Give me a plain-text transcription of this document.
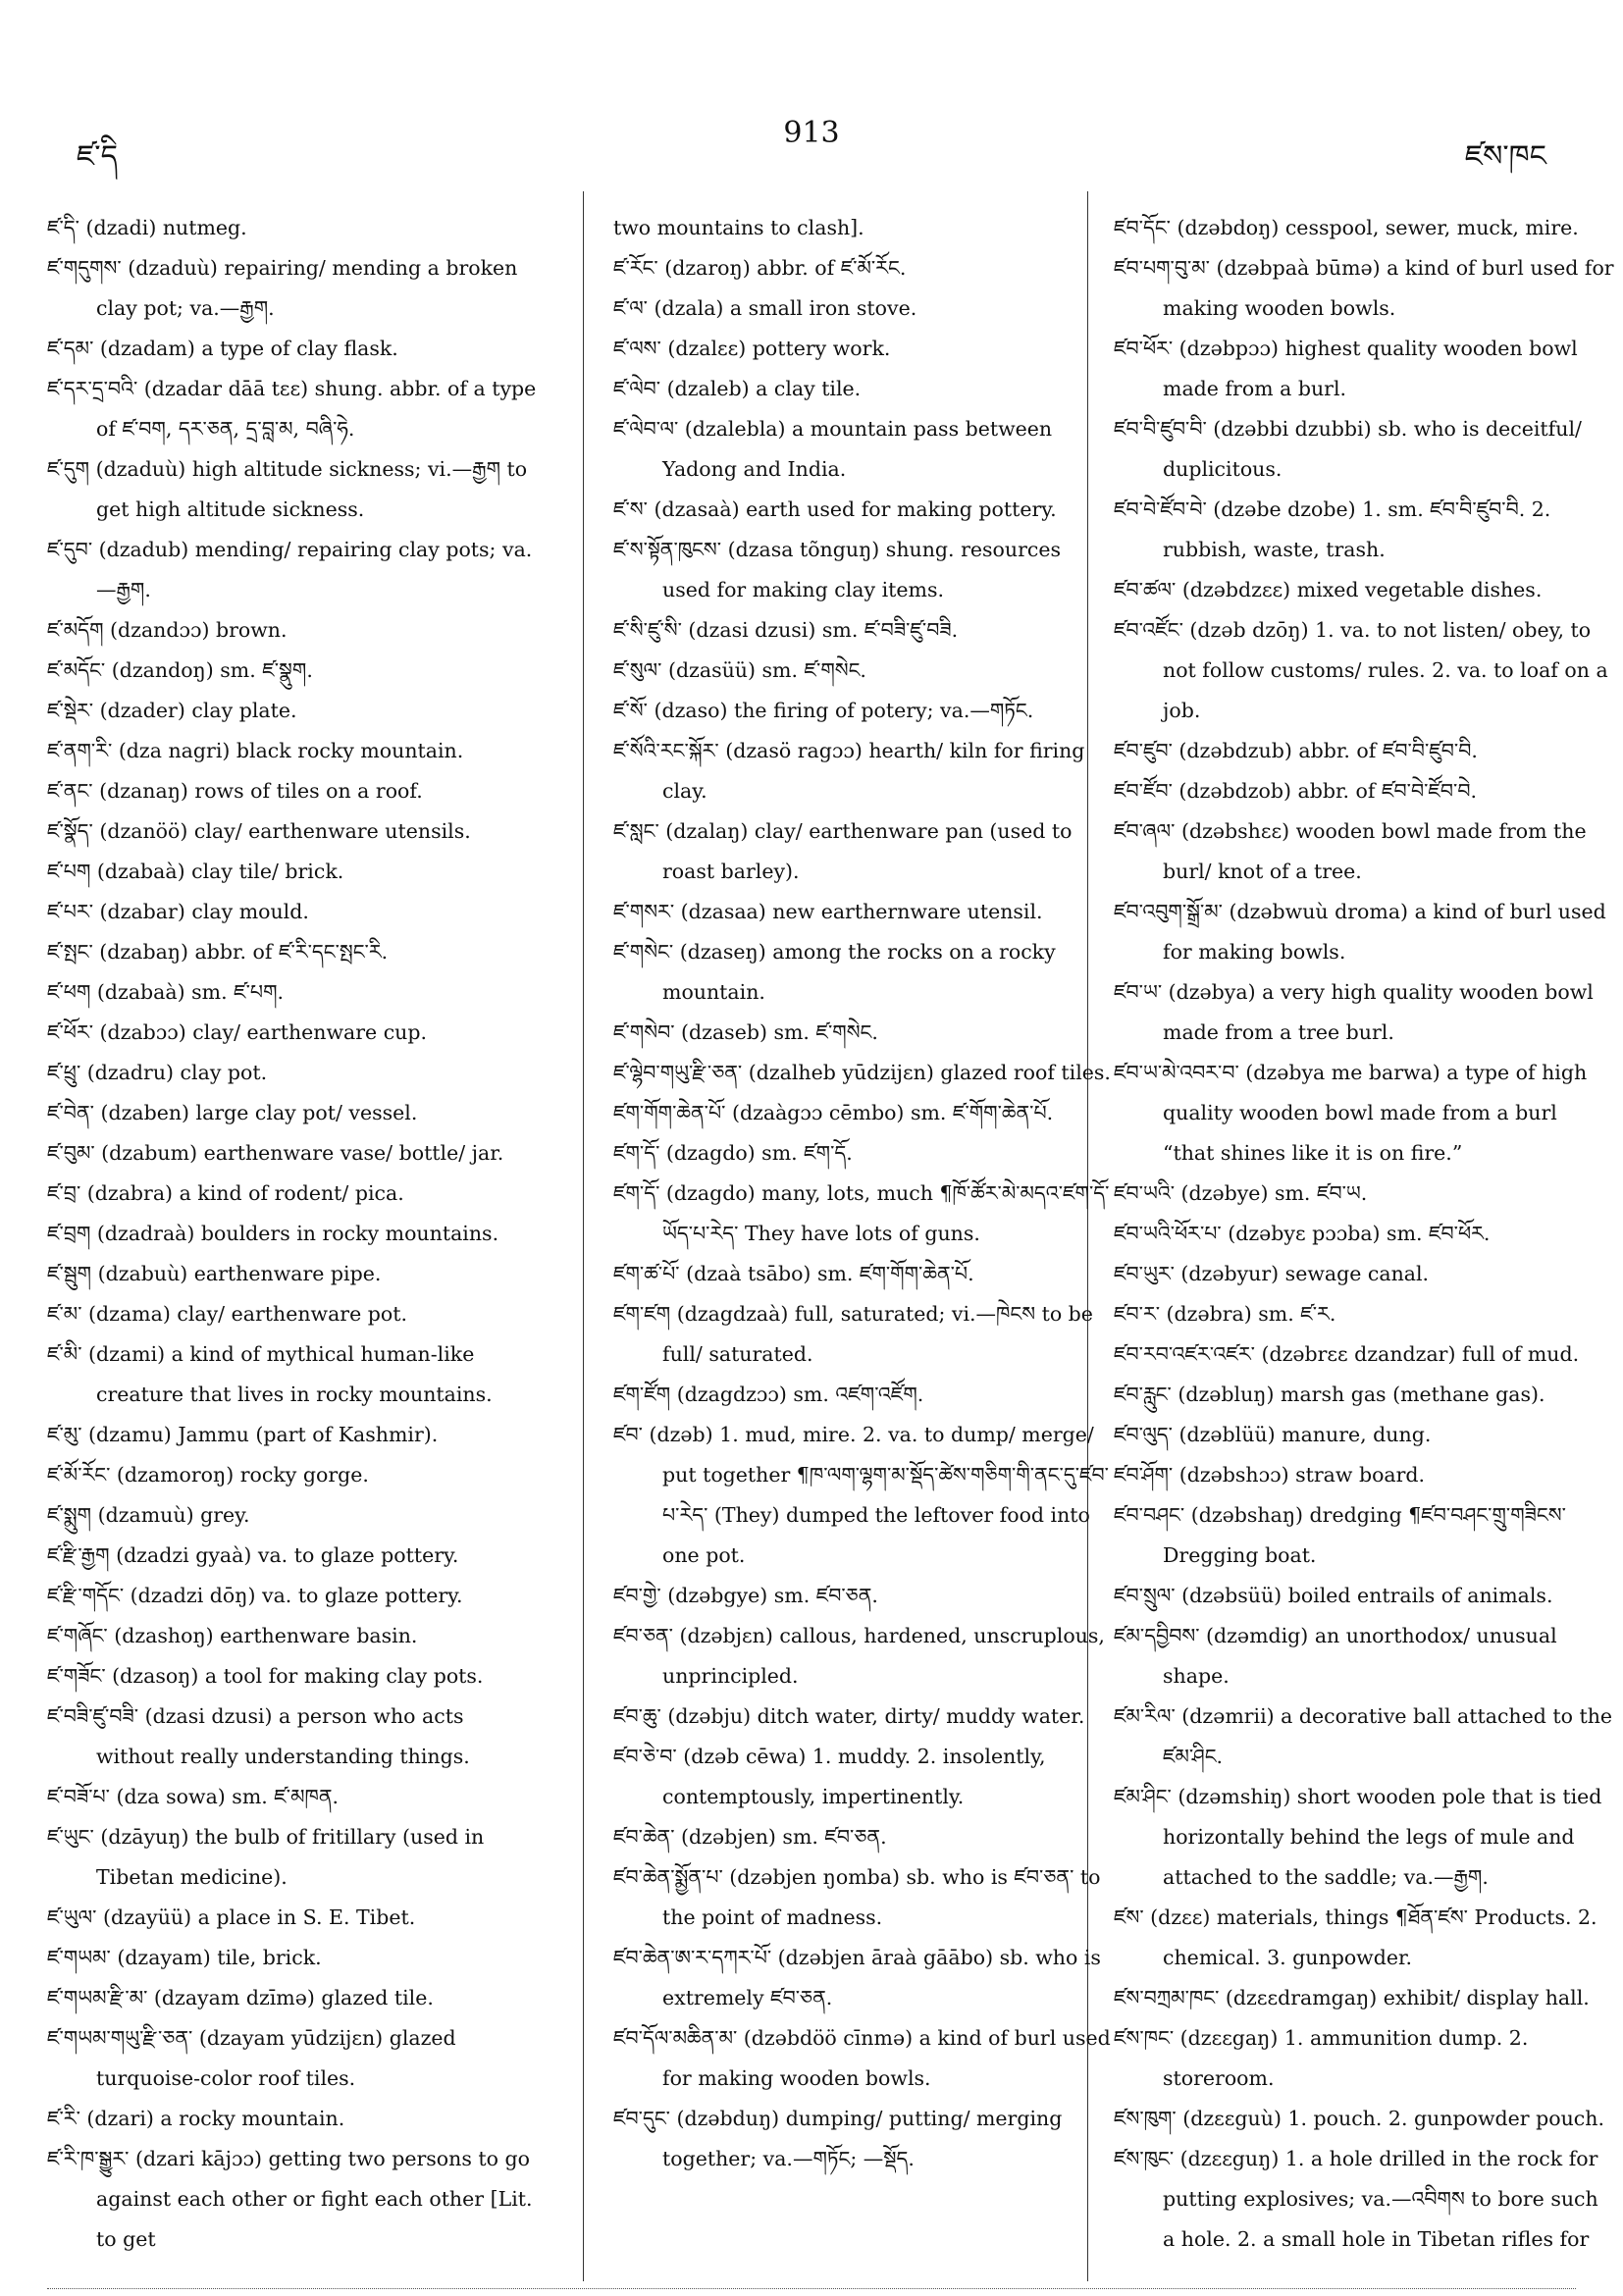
ཛ་དི
913
ཛས་ཁང

ཛ་དི་ (dzadi) nutmeg.

ཛ་གདུགས་ (dzaduù) repairing/ mending a broken clay pot; va.—རྒྱག.

ཛ་དམ་ (dzadam) a type of clay flask.

ཛ་དར་དྲ་བའི་ (dzadar dāā tεε) shung. abbr. of a type of ཛ་བག, དར་ཅན, དྲ་བླ་མ, བཞི་ཧེ.

ཛ་དུག (dzaduù) high altitude sickness; vi.—རྒྱག to get high altitude sickness.

ཛ་དུབ་ (dzadub) mending/ repairing clay pots; va.—རྒྱག.

ཛ་མདོག (dzandɔɔ) brown.

ཛ་མདོང་ (dzandoŋ) sm. ཛ་སྣུག.

ཛ་སྡེར་ (dzader) clay plate.

ཛ་ནག་རི་ (dza nagri) black rocky mountain.

ཛ་ནང་ (dzanaŋ) rows of tiles on a roof.

ཛ་སྣོད་ (dzanöö) clay/ earthenware utensils.

ཛ་པག (dzabaà) clay tile/ brick.

ཛ་པར་ (dzabar) clay mould.

ཛ་སྤང་ (dzabaŋ) abbr. of ཛ་རི་དང་སྤང་རི.

ཛ་ཕག (dzabaà) sm. ཛ་པག.

ཛ་ཕོར་ (dzabɔɔ) clay/ earthenware cup.

ཛ་ཕྲུ་ (dzadru) clay pot.

ཛ་བེན་ (dzaben) large clay pot/ vessel.

ཛ་བུམ་ (dzabum) earthenware vase/ bottle/ jar.

ཛ་བྲ་ (dzabra) a kind of rodent/ pica.

ཛ་བྲག (dzadraà) boulders in rocky mountains.

ཛ་སྦུག (dzabuù) earthenware pipe.

ཛ་མ་ (dzama) clay/ earthenware pot.

ཛ་མི་ (dzami) a kind of mythical human-like creature that lives in rocky mountains.

ཛ་མུ་ (dzamu) Jammu (part of Kashmir).

ཛ་མོ་རོང་ (dzamoroŋ) rocky gorge.

ཛ་སྨུག (dzamuù) grey.

ཛ་རྫི་རྒྱག (dzadzi gyaà) va. to glaze pottery.

ཛ་རྫི་གདོང་ (dzadzi dōŋ) va. to glaze pottery.

ཛ་གཞོང་ (dzashoŋ) earthenware basin.

ཛ་གཟོང་ (dzasoŋ) a tool for making clay pots.

ཛ་བཟི་ཛུ་བཟི་ (dzasi dzusi) a person who acts without really understanding things.

ཛ་བཟོ་པ་ (dza sowa) sm. ཛ་མཁན.

ཛ་ཡུང་ (dzāyuŋ) the bulb of fritillary (used in Tibetan medicine).

ཛ་ཡུལ་ (dzayüü) a place in S. E. Tibet.

ཛ་གཡམ་ (dzayam) tile, brick.

ཛ་གཡམ་རྫི་མ་ (dzayam dzīmə) glazed tile.

ཛ་གཡམ་གཡུ་རྫི་ཅན་ (dzayam yūdzijεn) glazed turquoise-color roof tiles.

ཛ་རི་ (dzari) a rocky mountain.

ཛ་རི་ཁ་སྒྱུར་ (dzari kājɔɔ) getting two persons to go against each other or fight each other [Lit. to get

two mountains to clash].

ཛ་རོང་ (dzaroŋ) abbr. of ཛ་མོ་རོང.

ཛ་ལ་ (dzala) a small iron stove.

ཛ་ལས་ (dzalεε) pottery work.

ཛ་ལེབ་ (dzaleb) a clay tile.

ཛ་ལེབ་ལ་ (dzalebla) a mountain pass between Yadong and India.

ཛ་ས་ (dzasaà) earth used for making pottery.

ཛ་ས་སྟོན་ཁུངས་ (dzasa tõnguŋ) shung. resources used for making clay items.

ཛ་སི་ཛུ་སི་ (dzasi dzusi) sm. ཛ་བཟི་ཛུ་བཟི.

ཛ་སུལ་ (dzasüü) sm. ཛ་གསེང.

ཛ་སོ་ (dzaso) the firing of potery; va.—གཏོང.

ཛ་སོའི་རང་སྐོར་ (dzasö ragɔɔ) hearth/ kiln for firing clay.

ཛ་སླང་ (dzalaŋ) clay/ earthenware pan (used to roast barley).

ཛ་གསར་ (dzasaa) new earthernware utensil.

ཛ་གསེང་ (dzaseŋ) among the rocks on a rocky mountain.

ཛ་གསེབ་ (dzaseb) sm. ཛ་གསེང.

ཛ་ལྷེབ་གཡུ་རྫི་ཅན་ (dzalheb yūdzijεn) glazed roof tiles.

ཛག་གོག་ཆེན་པོ་ (dzaàgɔɔ cēmbo) sm. ཛ་གོག་ཆེན་པོ.

ཛག་དོ་ (dzagdo) sm. ཛག་དོ.

ཛག་དོ་ (dzagdo) many, lots, much ¶ཁོ་ཚོར་མེ་མདའ་ཛག་དོ་ཡོད་པ་རེད་ They have lots of guns.

ཛག་ཚ་པོ་ (dzaà tsābo) sm. ཛག་གོག་ཆེན་པོ.

ཛག་ཛག (dzagdzaà) full, saturated; vi.—ཁེངས to be full/ saturated.

ཛག་ཛོག (dzagdzɔɔ) sm. འཛག་འཛོག.

ཛབ་ (dzəb) 1. mud, mire. 2. va. to dump/ merge/ put together ¶ཁ་ལག་ལྷག་མ་སྡོད་ཚེས་གཅིག་གི་ནང་དུ་ཛབ་པ་རེད་ (They) dumped the leftover food into one pot.

ཛབ་གྱེ་ (dzəbgye) sm. ཛབ་ཅན.

ཛབ་ཅན་ (dzəbjεn) callous, hardened, unscruplous, unprincipled.

ཛབ་ཆུ་ (dzəbju) ditch water, dirty/ muddy water.

ཛབ་ཅེ་བ་ (dzəb cēwa) 1. muddy. 2. insolently, contemptously, impertinently.

ཛབ་ཆེན་ (dzəbjen) sm. ཛབ་ཅན.

ཛབ་ཆེན་སྨྱོན་པ་ (dzəbjen ŋomba) sb. who is ཛབ་ཅན་ to the point of madness.

ཛབ་ཆེན་ཨ་ར་དཀར་པོ་ (dzəbjen āraà gāābo) sb. who is extremely ཛབ་ཅན.

ཛབ་དོལ་མཆིན་མ་ (dzəbdöö cīnmə) a kind of burl used for making wooden bowls.

ཛབ་དུང་ (dzəbduŋ) dumping/ putting/ merging together; va.—གཏོང; —སྡོད.

ཛབ་དོང་ (dzəbdoŋ) cesspool, sewer, muck, mire.

ཛབ་པག་བུ་མ་ (dzəbpaà būmə) a kind of burl used for making wooden bowls.

ཛབ་ཕོར་ (dzəbpɔɔ) highest quality wooden bowl made from a burl.

ཛབ་བི་ཛུབ་བི་ (dzəbbi dzubbi) sb. who is deceitful/ duplicitous.

ཛབ་བེ་ཛོབ་བེ་ (dzəbe dzobe) 1. sm. ཛབ་བི་ཛུབ་བི. 2. rubbish, waste, trash.

ཛབ་ཚལ་ (dzəbdzεε) mixed vegetable dishes.

ཛབ་འཛོང་ (dzəb dzōŋ) 1. va. to not listen/ obey, to not follow customs/ rules. 2. va. to loaf on a job.

ཛབ་ཛུབ་ (dzəbdzub) abbr. of ཛབ་བི་ཛུབ་བི.

ཛབ་ཛོབ་ (dzəbdzob) abbr. of ཛབ་བེ་ཛོབ་བེ.

ཛབ་ཞལ་ (dzəbshεε) wooden bowl made from the burl/ knot of a tree.

ཛབ་འབུག་སྒྲོ་མ་ (dzəbwuù droma) a kind of burl used for making bowls.

ཛབ་ཡ་ (dzəbya) a very high quality wooden bowl made from a tree burl.

ཛབ་ཡ་མེ་འབར་བ་ (dzəbya me barwa) a type of high quality wooden bowl made from a burl “that shines like it is on fire.”

ཛབ་ཡའི་ (dzəbye) sm. ཛབ་ཡ.

ཛབ་ཡའི་ཕོར་པ་ (dzəbyε pɔɔba) sm. ཛབ་ཕོར.

ཛབ་ཡུར་ (dzəbyur) sewage canal.

ཛབ་ར་ (dzəbra) sm. ཛ་ར.

ཛབ་རབ་འཛར་འཛར་ (dzəbrεε dzandzar) full of mud.

ཛབ་རླུང་ (dzəbluŋ) marsh gas (methane gas).

ཛབ་ལུད་ (dzəblüü) manure, dung.

ཛབ་ཤོག་ (dzəbshɔɔ) straw board.

ཛབ་བཤང་ (dzəbshaŋ) dredging ¶ཛབ་བཤང་གྲུ་གཟིངས་ Dregging boat.

ཛབ་སྲུལ་ (dzəbsüü) boiled entrails of animals.

ཛམ་དབྱིབས་ (dzəmdig) an unorthodox/ unusual shape.

ཛམ་རིལ་ (dzəmrii) a decorative ball attached to the ཛམ་ཤིང.

ཛམ་ཤིང་ (dzəmshiŋ) short wooden pole that is tied horizontally behind the legs of mule and attached to the saddle; va.—རྒྱག.

ཛས་ (dzεε) materials, things ¶ཐོན་ཛས་ Products. 2. chemical. 3. gunpowder.

ཛས་བཀྲམ་ཁང་ (dzεεdramgaŋ) exhibit/ display hall.

ཛས་ཁང་ (dzεεgaŋ) 1. ammunition dump. 2. storeroom.

ཛས་ཁུག་ (dzεεguù) 1. pouch. 2. gunpowder pouch.

ཛས་ཁུང་ (dzεεguŋ) 1. a hole drilled in the rock for putting explosives; va.—འབིགས to bore such a hole. 2. a small hole in Tibetan rifles for
